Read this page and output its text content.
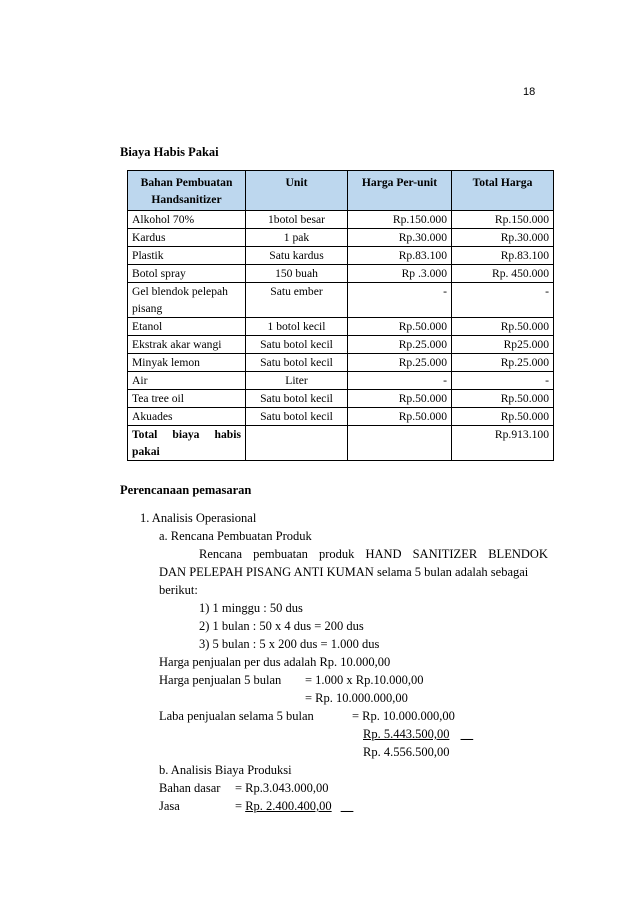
18
Biaya Habis Pakai
Bahan Pembuatan
Handsanitizer	Unit	Harga Per-unit	Total Harga
Alkohol 70%	1botol besar	Rp.150.000	Rp.150.000
Kardus	1 pak	Rp.30.000	Rp.30.000
Plastik	Satu kardus	Rp.83.100	Rp.83.100
Botol spray	150 buah	Rp .3.000	Rp. 450.000
Gel blendok pelepah pisang	Satu ember	-	-
Etanol	1 botol kecil	Rp.50.000	Rp.50.000
Ekstrak akar wangi	Satu botol kecil	Rp.25.000	Rp25.000
Minyak lemon	Satu botol kecil	Rp.25.000	Rp.25.000
Air	Liter	-	-
Tea tree oil	Satu botol kecil	Rp.50.000	Rp.50.000
Akuades	Satu botol kecil	Rp.50.000	Rp.50.000

Total biaya habis
pakai			Rp.913.100
Perencanaan pemasaran
1. Analisis Operasional
a. Rencana Pembuatan Produk
Rencana pembuatan produk HAND SANITIZER BLENDOK
DAN PELEPAH PISANG ANTI KUMAN selama 5 bulan adalah sebagai
berikut:
1) 1 minggu : 50 dus
2) 1 bulan : 50 x 4 dus = 200 dus
3) 5 bulan : 5 x 200 dus = 1.000 dus
Harga penjualan per dus adalah Rp. 10.000,00
Harga penjualan 5 bulan = 1.000 x Rp.10.000,00
= Rp. 10.000.000,00
Laba penjualan selama 5 bulan	= Rp. 10.000.000,00
Rp. 5.443.500,00 __
Rp. 4.556.500,00
b. Analisis Biaya Produksi
Bahan dasar = Rp.3.043.000,00
Jasa	= Rp. 2.400.400,00 __
